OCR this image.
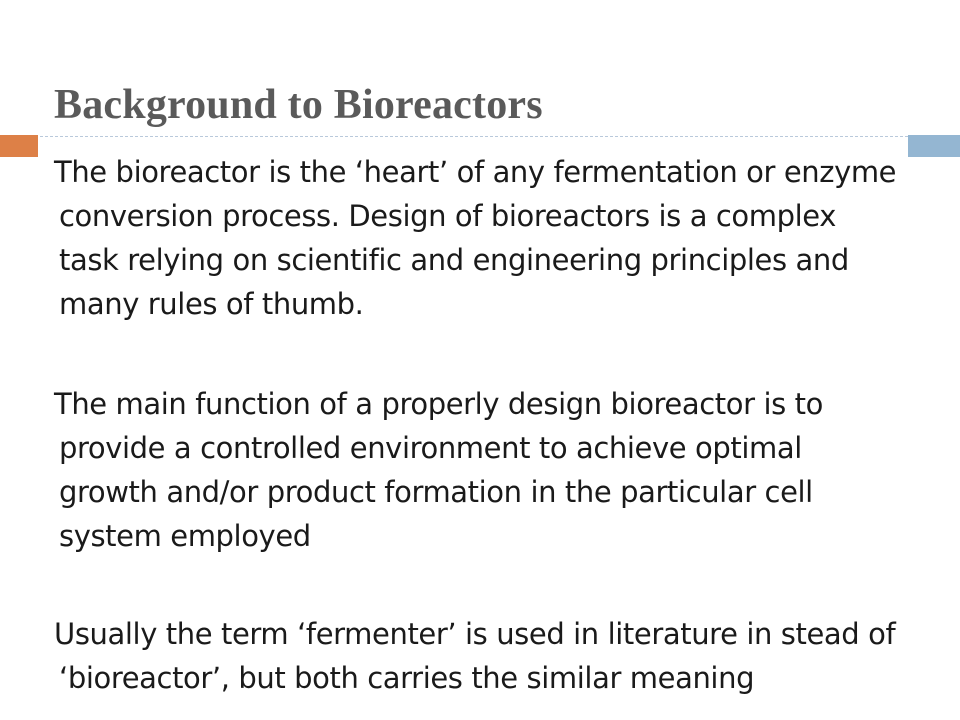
Background to Bioreactors

The bioreactor is the ‘heart’ of any fermentation or enzyme
conversion process. Design of bioreactors is a complex
task relying on scientific and engineering principles and
many rules of thumb.

The main function of a properly design bioreactor is to
provide a controlled environment to achieve optimal
growth and/or product formation in the particular cell
system employed

Usually the term ‘fermenter’ is used in literature in stead of
‘bioreactor’, but both carries the similar meaning
